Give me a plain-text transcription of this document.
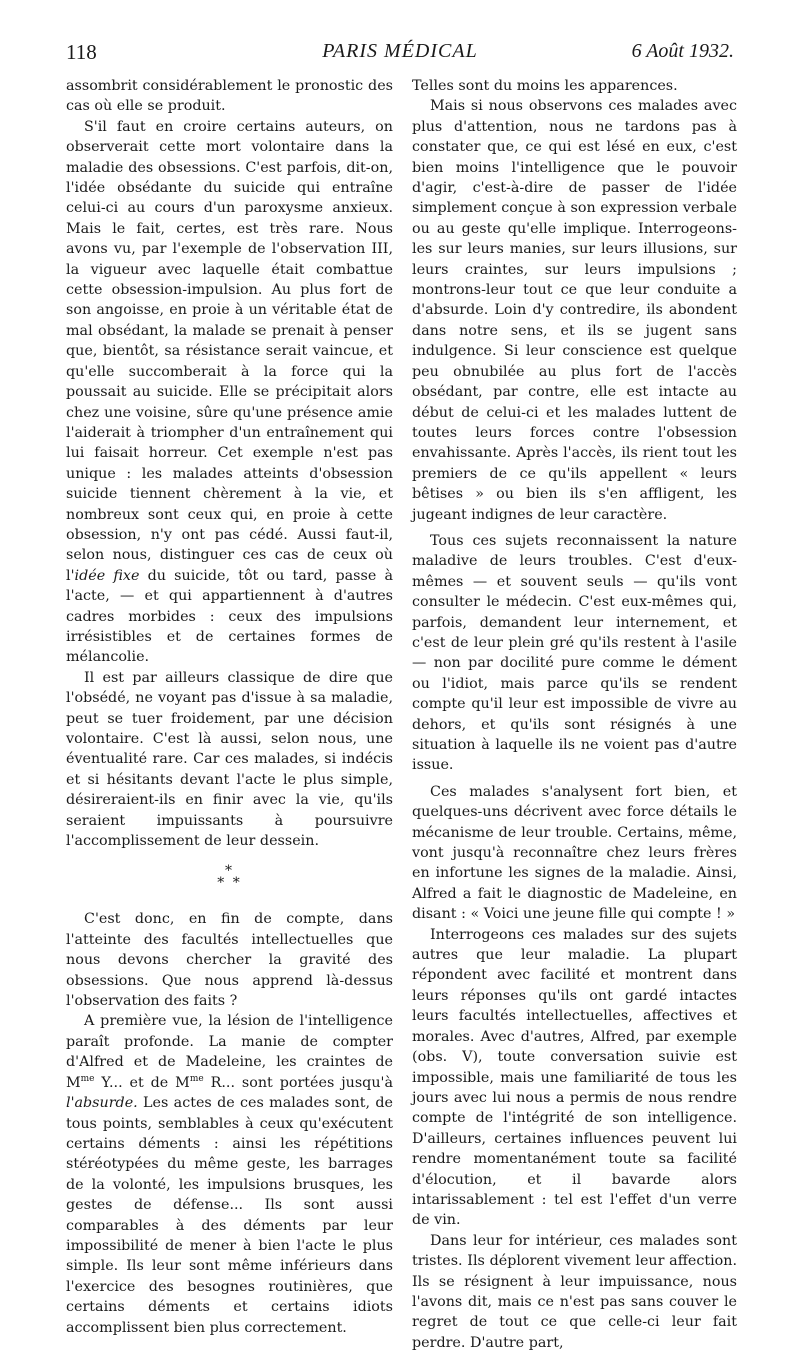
118	PARIS MÉDICAL	6 Août 1932.

assombrit considérablement le pronostic des cas où elle se produit.

S'il faut en croire certains auteurs, on observerait cette mort volontaire dans la maladie des obsessions. C'est parfois, dit-on, l'idée obsédante du suicide qui entraîne celui-ci au cours d'un paroxysme anxieux. Mais le fait, certes, est très rare. Nous avons vu, par l'exemple de l'observation III, la vigueur avec laquelle était combattue cette obsession-impulsion. Au plus fort de son angoisse, en proie à un véritable état de mal obsédant, la malade se prenait à penser que, bientôt, sa résistance serait vaincue, et qu'elle succomberait à la force qui la poussait au suicide. Elle se précipitait alors chez une voisine, sûre qu'une présence amie l'aiderait à triompher d'un entraînement qui lui faisait horreur. Cet exemple n'est pas unique : les malades atteints d'obsession suicide tiennent chèrement à la vie, et nombreux sont ceux qui, en proie à cette obsession, n'y ont pas cédé. Aussi faut-il, selon nous, distinguer ces cas de ceux où l'idée fixe du suicide, tôt ou tard, passe à l'acte, — et qui appartiennent à d'autres cadres morbides : ceux des impulsions irrésistibles et de certaines formes de mélancolie.

Il est par ailleurs classique de dire que l'obsédé, ne voyant pas d'issue à sa maladie, peut se tuer froidement, par une décision volontaire. C'est là aussi, selon nous, une éventualité rare. Car ces malades, si indécis et si hésitants devant l'acte le plus simple, désireraient-ils en finir avec la vie, qu'ils seraient impuissants à poursuivre l'accomplissement de leur dessein.

*
* *

C'est donc, en fin de compte, dans l'atteinte des facultés intellectuelles que nous devons chercher la gravité des obsessions. Que nous apprend là-dessus l'observation des faits ?

A première vue, la lésion de l'intelligence paraît profonde. La manie de compter d'Alfred et de Madeleine, les craintes de $M^{me}$ Y... et de $M^{me}$ R... sont portées jusqu'à l'absurde. Les actes de ces malades sont, de tous points, semblables à ceux qu'exécutent certains déments : ainsi les répétitions stéréotypées du même geste, les barrages de la volonté, les impulsions brusques, les gestes de défense... Ils sont aussi comparables à des déments par leur impossibilité de mener à bien l'acte le plus simple. Ils leur sont même inférieurs dans l'exercice des besognes routinières, que certains déments et certains idiots accomplissent bien plus correctement.

Telles sont du moins les apparences.

Mais si nous observons ces malades avec plus d'attention, nous ne tardons pas à constater que, ce qui est lésé en eux, c'est bien moins l'intelligence que le pouvoir d'agir, c'est-à-dire de passer de l'idée simplement conçue à son expression verbale ou au geste qu'elle implique. Interrogeons-les sur leurs manies, sur leurs illusions, sur leurs craintes, sur leurs impulsions ; montrons-leur tout ce que leur conduite a d'absurde. Loin d'y contredire, ils abondent dans notre sens, et ils se jugent sans indulgence. Si leur conscience est quelque peu obnubilée au plus fort de l'accès obsédant, par contre, elle est intacte au début de celui-ci et les malades luttent de toutes leurs forces contre l'obsession envahissante. Après l'accès, ils rient tout les premiers de ce qu'ils appellent « leurs bêtises » ou bien ils s'en affligent, les jugeant indignes de leur caractère.

Tous ces sujets reconnaissent la nature maladive de leurs troubles. C'est d'eux-mêmes — et souvent seuls — qu'ils vont consulter le médecin. C'est eux-mêmes qui, parfois, demandent leur internement, et c'est de leur plein gré qu'ils restent à l'asile — non par docilité pure comme le dément ou l'idiot, mais parce qu'ils se rendent compte qu'il leur est impossible de vivre au dehors, et qu'ils sont résignés à une situation à laquelle ils ne voient pas d'autre issue.

Ces malades s'analysent fort bien, et quelques-uns décrivent avec force détails le mécanisme de leur trouble. Certains, même, vont jusqu'à reconnaître chez leurs frères en infortune les signes de la maladie. Ainsi, Alfred a fait le diagnostic de Madeleine, en disant : « Voici une jeune fille qui compte ! »

Interrogeons ces malades sur des sujets autres que leur maladie. La plupart répondent avec facilité et montrent dans leurs réponses qu'ils ont gardé intactes leurs facultés intellectuelles, affectives et morales. Avec d'autres, Alfred, par exemple (obs. V), toute conversation suivie est impossible, mais une familiarité de tous les jours avec lui nous a permis de nous rendre compte de l'intégrité de son intelligence. D'ailleurs, certaines influences peuvent lui rendre momentanément toute sa facilité d'élocution, et il bavarde alors intarissablement : tel est l'effet d'un verre de vin.

Dans leur for intérieur, ces malades sont tristes. Ils déplorent vivement leur affection. Ils se résignent à leur impuissance, nous l'avons dit, mais ce n'est pas sans couver le regret de tout ce que celle-ci leur fait perdre. D'autre part,
